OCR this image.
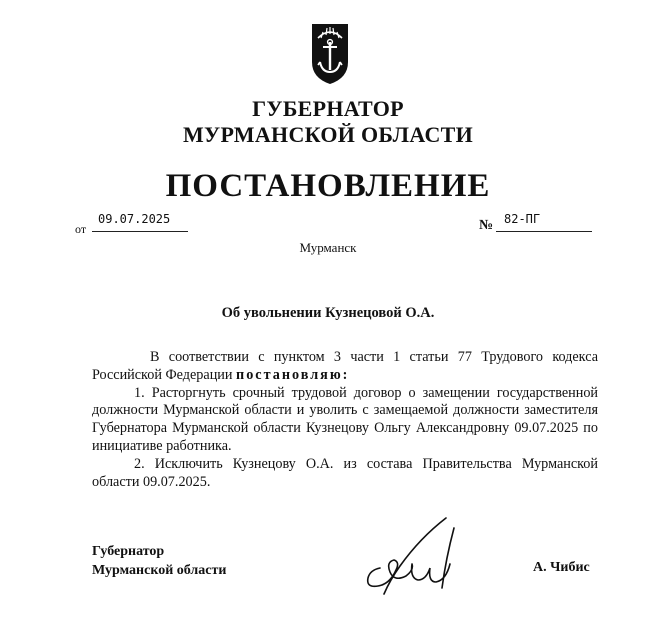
ГУБЕРНАТОР
МУРМАНСКОЙ ОБЛАСТИ
ПОСТАНОВЛЕНИЕ
от
09.07.2025	№ 82-ПГ
Мурманск
Об увольнении Кузнецовой О.А.

В соответствии с пунктом 3 части 1 статьи 77 Трудового кодекса Российской Федерации постановляю:

1. Расторгнуть срочный трудовой договор о замещении государственной должности Мурманской области и уволить с замещаемой должности заместителя Губернатора Мурманской области Кузнецову Ольгу Александровну 09.07.2025 по инициативе работника.

2. Исключить Кузнецову О.А. из состава Правительства Мурманской области 09.07.2025.

Губернатор
Мурманской области	А. Чибис
